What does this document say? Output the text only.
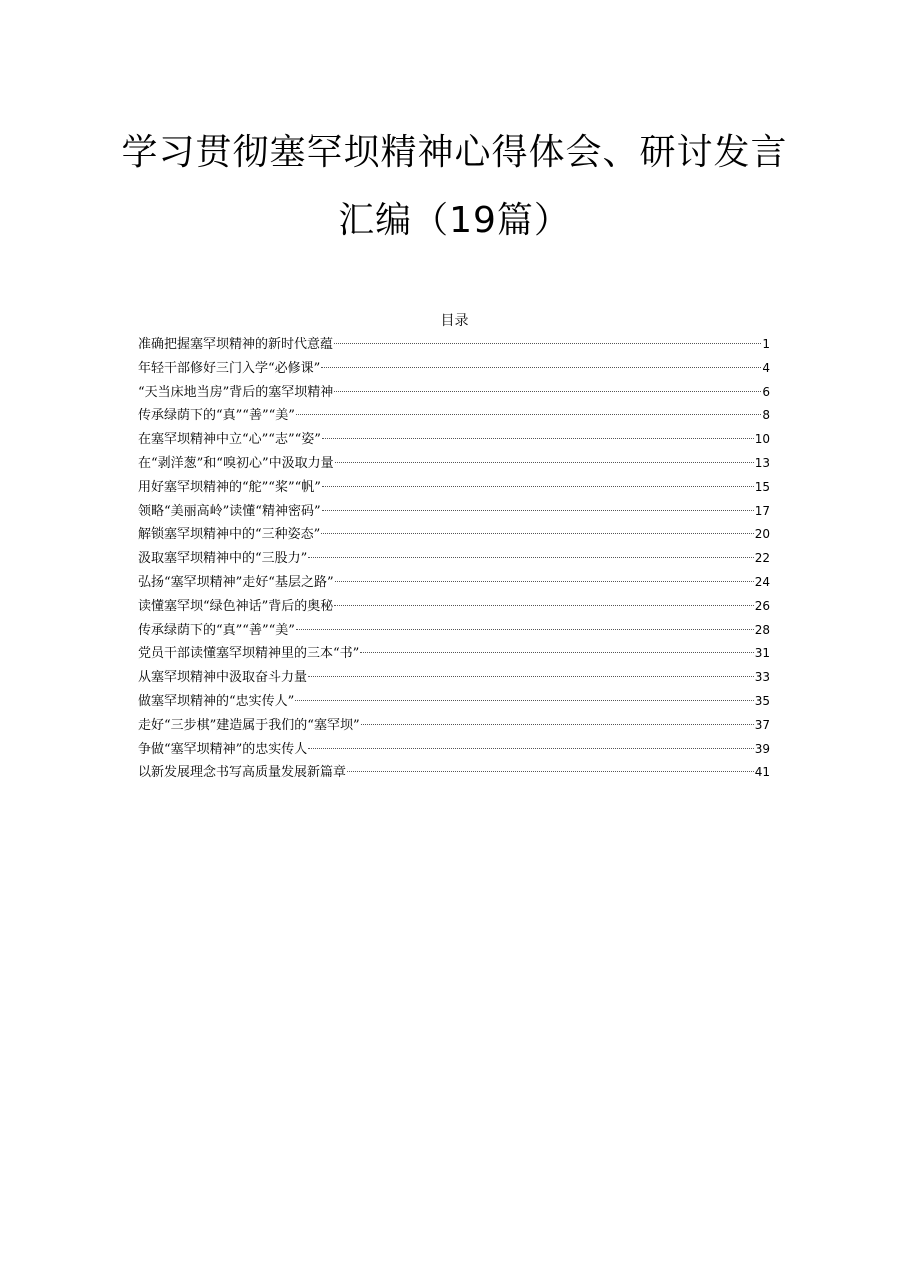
学习贯彻塞罕坝精神心得体会、研讨发言
汇编（19篇）
目录
准确把握塞罕坝精神的新时代意蕴	1
年轻干部修好三门入学“必修课”	4
“天当床地当房”背后的塞罕坝精神	6
传承绿荫下的“真”“善”“美”	8
在塞罕坝精神中立“心”“志”“姿”	10
在“剥洋葱”和“嗅初心”中汲取力量	13
用好塞罕坝精神的“舵”“桨”“帆”	15
领略“美丽高岭”读懂“精神密码”	17
解锁塞罕坝精神中的“三种姿态”	20
汲取塞罕坝精神中的“三股力”	22
弘扬“塞罕坝精神”走好“基层之路”	24
读懂塞罕坝“绿色神话”背后的奥秘	26
传承绿荫下的“真”“善”“美”	28
党员干部读懂塞罕坝精神里的三本“书”	31
从塞罕坝精神中汲取奋斗力量	33
做塞罕坝精神的“忠实传人”	35
走好“三步棋”建造属于我们的“塞罕坝”	37
争做“塞罕坝精神”的忠实传人	39
以新发展理念书写高质量发展新篇章	41
